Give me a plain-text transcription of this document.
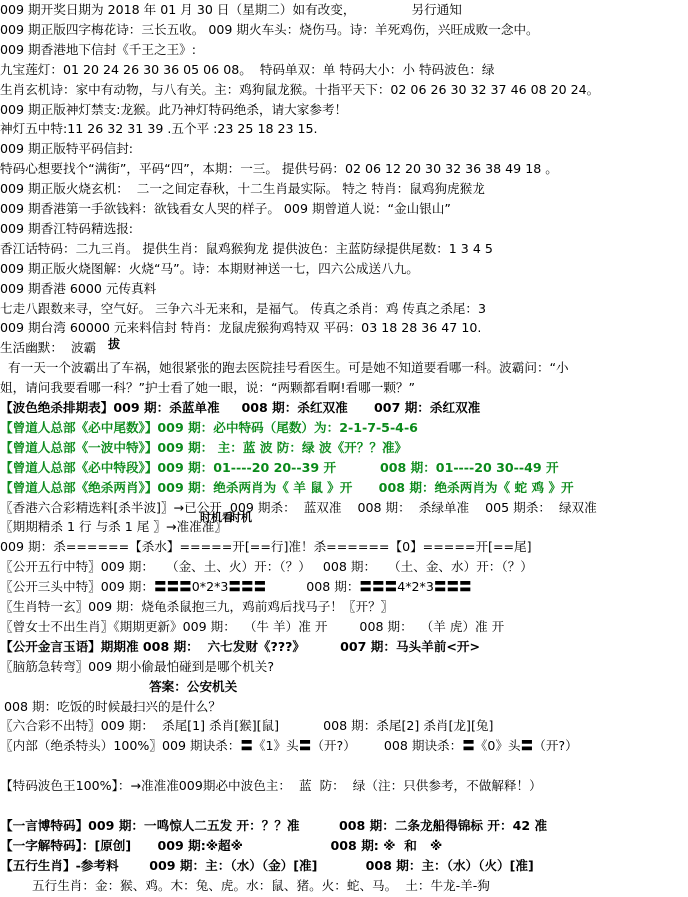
009 期开奖日期为 2018 年 01 月 30 日（星期二）如有改变，              另行通知
009 期正版四字梅花诗：三长五收。 009 期火车头：烧伤马。诗：羊死鸡伤，兴旺成败一念中。
009 期香港地下信封《千王之王》:
九宝莲灯：01 20 24 26 30 36 05 06 08。  特码单双：单 特码大小：小 特码波色：绿
生肖玄机诗：家中有动物，与八有关。主：鸡狗鼠龙猴。十指平天下：02 06 26 30 32 37 46 08 20 24。
009 期正版神灯禁支:龙猴。此乃神灯特码绝杀，请大家参考！
神灯五中特:11 26 32 31 39 .五个平 :23 25 18 23 15.
009 期正版特平码信封:
特码心想要找个“满街”，平码“四”，本期：一三。 提供号码：02 06 12 20 30 32 36 38 49 18 。
009 期正版火烧玄机：  二一之间定春秋，十二生肖最实际。 特之 特肖：鼠鸡狗虎猴龙
009 期香港第一手欲钱料：欲钱看女人哭的样子。 009 期曾道人说：“金山银山”
009 期香江特码精选报:
香江话特码：二九三肖。 提供生肖：鼠鸡猴狗龙 提供波色：主蓝防绿提供尾数：1 3 4 5
009 期正版火烧图解：火烧“马”。诗：本期财神送一七，四六公成送八九。
009 期香港 6000 元传真料
七走八跟数来寻，空气好。 三争六斗无来和，是福气。 传真之杀肖：鸡 传真之杀尾：3
009 期台湾 60000 元来料信封 特肖：龙鼠虎猴狗鸡特双 平码：03 18 28 36 47 10.
生活幽默：  波霸
有一天一个波霸出了车祸，她很紧张的跑去医院挂号看医生。可是她不知道要看哪一科。波霸问：“小
姐，请问我要看哪一科？”护士看了她一眼，说：“两颗都看啊!看哪一颗？”
【波色绝杀排期表】009 期：杀蓝单准     008 期：杀红双准      007 期：杀红双准
【曾道人总部《必中尾数》】009 期：必中特码（尾数）为：2-1-7-5-4-6
【曾道人总部《一波中特》】009 期： 主：蓝 波 防：绿 波《开？？准》
【曾道人总部《必中特段》】009 期：01----20 20--39 开          008 期：01----20 30--49 开
【曾道人总部《绝杀两肖》】009 期：绝杀两肖为《 羊 鼠 》开      008 期：绝杀两肖为《 蛇 鸡 》开
〖香港六合彩精选料[杀半波]〗→已公开  009 期杀：  蓝双准    008 期：  杀绿单准    005 期杀：  绿双准
〖期期精杀 1 行 与杀 1 尾 〗→准准准〗
009 期：杀======【杀水】=====开[==行]准！杀======【0】=====开[==尾]
〖公开五行中特〗009 期：   （金、土、火）开：（？）   008 期：   （土、金、水）开：（？）
〖公开三头中特〗009 期：〓〓〓0*2*3〓〓〓          008 期：〓〓〓4*2*3〓〓〓
〖生肖特一玄〗009 期：烧龟杀鼠抱三九，鸡前鸡后找马子！〖开？〗
〖曾女士不出生肖〗《期期更新》009 期：  （牛 羊）准 开        008 期：  （羊 虎）准 开
【公开金言玉语】期期准 008 期：  六七发财《???》        007 期：马头羊前<开>
〖脑筋急转弯〗009 期小偷最怕碰到是哪个机关?
答案：公安机关
008 期：吃饭的时候最扫兴的是什么？
〖六合彩不出特〗009 期：  杀尾[1] 杀肖[猴][鼠]           008 期：杀尾[2] 杀肖[龙][兔]
〖内部（绝杀特头）100%〗009 期诀杀：〓《1》头〓（开?）       008 期诀杀：〓《0》头〓（开?）
【特码波色王100%】：→准准准009期必中波色主：  蓝  防：  绿（注：只供参考，不做解释！）
【一言博特码】009 期：一鸣惊人二五发 开：？？准         008 期：二条龙船得锦标 开：42 准
【一字解特码】：[原创]      009 期:※超※                    008 期: ※  和   ※
【五行生肖】-参考料       009 期：主：（水）（金）[准]           008 期：主：（水）（火）[准]
五行生肖：金：猴、鸡。木：兔、虎。水：鼠、猪。火：蛇、马。  土：牛龙-羊-狗
拔
时机看
时机
